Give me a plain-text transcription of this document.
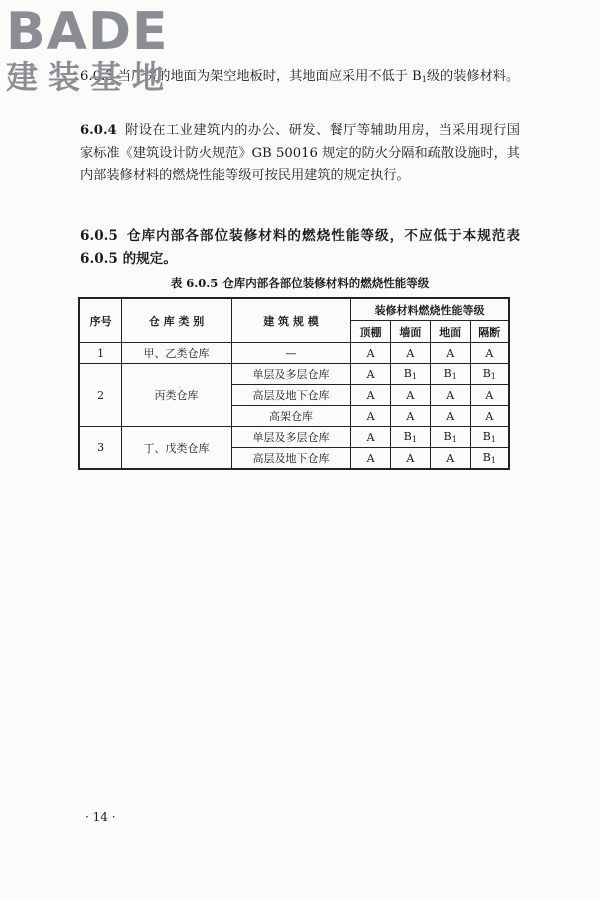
BADE
建装基地
6.0.3 当厂房的地面为架空地板时，其地面应采用不低于 $B_1$级的装修材料。
6.0.4 附设在工业建筑内的办公、研发、餐厅等辅助用房，当采用现行国家标准《建筑设计防火规范》GB 50016 规定的防火分隔和疏散设施时，其内部装修材料的燃烧性能等级可按民用建筑的规定执行。
6.0.5 仓库内部各部位装修材料的燃烧性能等级，不应低于本规范表 6.0.5 的规定。
表 6.0.5 仓库内部各部位装修材料的燃烧性能等级
序号	仓 库 类 别	建 筑 规 模	装修材料燃烧性能等级			
			顶棚	墙面	地面	隔断
1	甲、乙类仓库	—	A	A	A	A
2	丙类仓库	单层及多层仓库	A	$B_1$	$B_1$	$B_1$
		高层及地下仓库	A	A	A	A
		高架仓库	A	A	A	A
3	丁、戊类仓库	单层及多层仓库	A	$B_1$	$B_1$	$B_1$
		高层及地下仓库	A	A	A	$B_1$
· 14 ·
